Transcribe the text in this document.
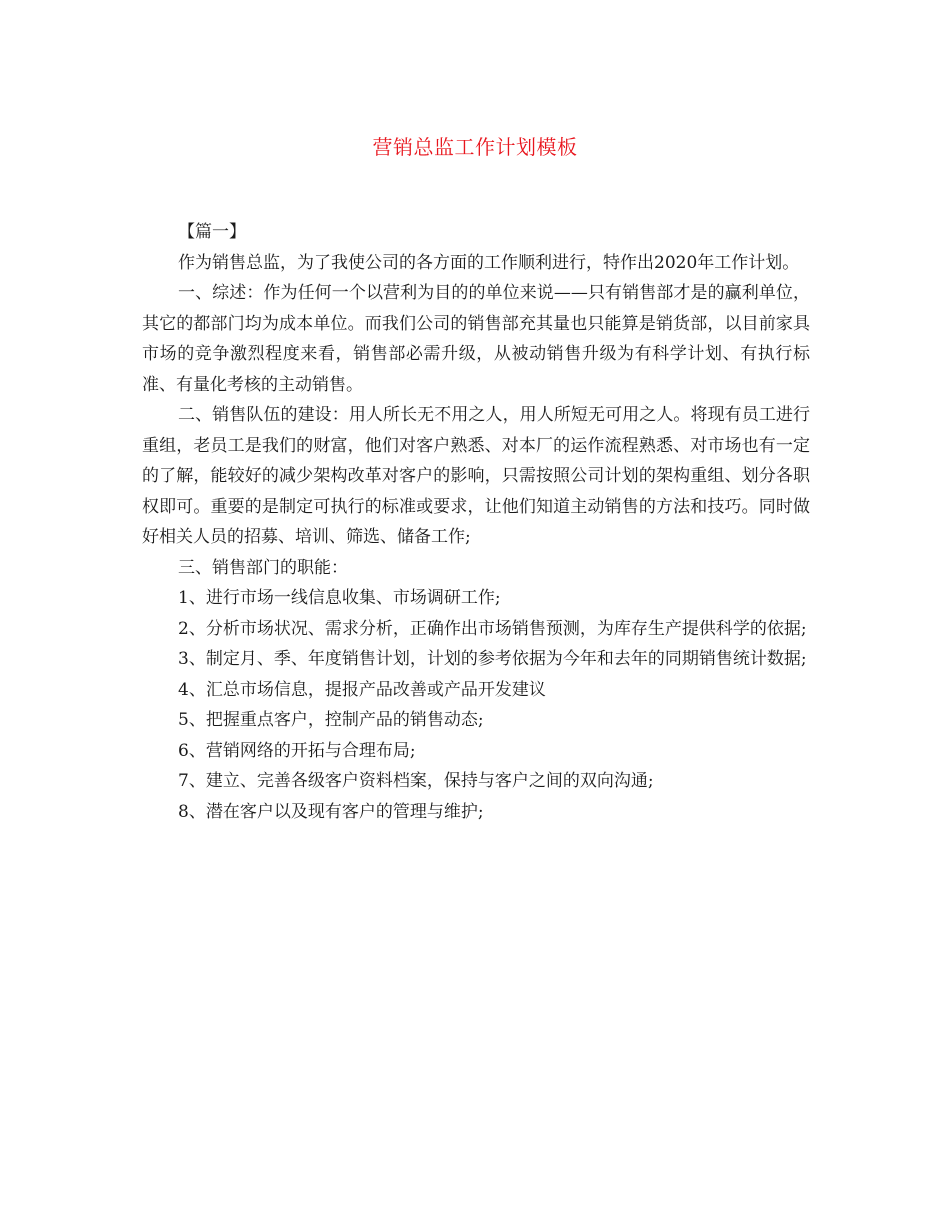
营销总监工作计划模板

【篇一】

作为销售总监，为了我使公司的各方面的工作顺利进行，特作出2020年工作计划。

一、综述：作为任何一个以营利为目的的单位来说——只有销售部才是的赢利单位，其它的都部门均为成本单位。而我们公司的销售部充其量也只能算是销货部，以目前家具市场的竞争激烈程度来看，销售部必需升级，从被动销售升级为有科学计划、有执行标准、有量化考核的主动销售。

二、销售队伍的建设：用人所长无不用之人，用人所短无可用之人。将现有员工进行重组，老员工是我们的财富，他们对客户熟悉、对本厂的运作流程熟悉、对市场也有一定的了解，能较好的减少架构改革对客户的影响，只需按照公司计划的架构重组、划分各职权即可。重要的是制定可执行的标准或要求，让他们知道主动销售的方法和技巧。同时做好相关人员的招募、培训、筛选、储备工作;

三、销售部门的职能：

1、进行市场一线信息收集、市场调研工作;

2、分析市场状况、需求分析，正确作出市场销售预测，为库存生产提供科学的依据;

3、制定月、季、年度销售计划，计划的参考依据为今年和去年的同期销售统计数据;

4、汇总市场信息，提报产品改善或产品开发建议

5、把握重点客户，控制产品的销售动态;

6、营销网络的开拓与合理布局;

7、建立、完善各级客户资料档案，保持与客户之间的双向沟通;

8、潜在客户以及现有客户的管理与维护;
